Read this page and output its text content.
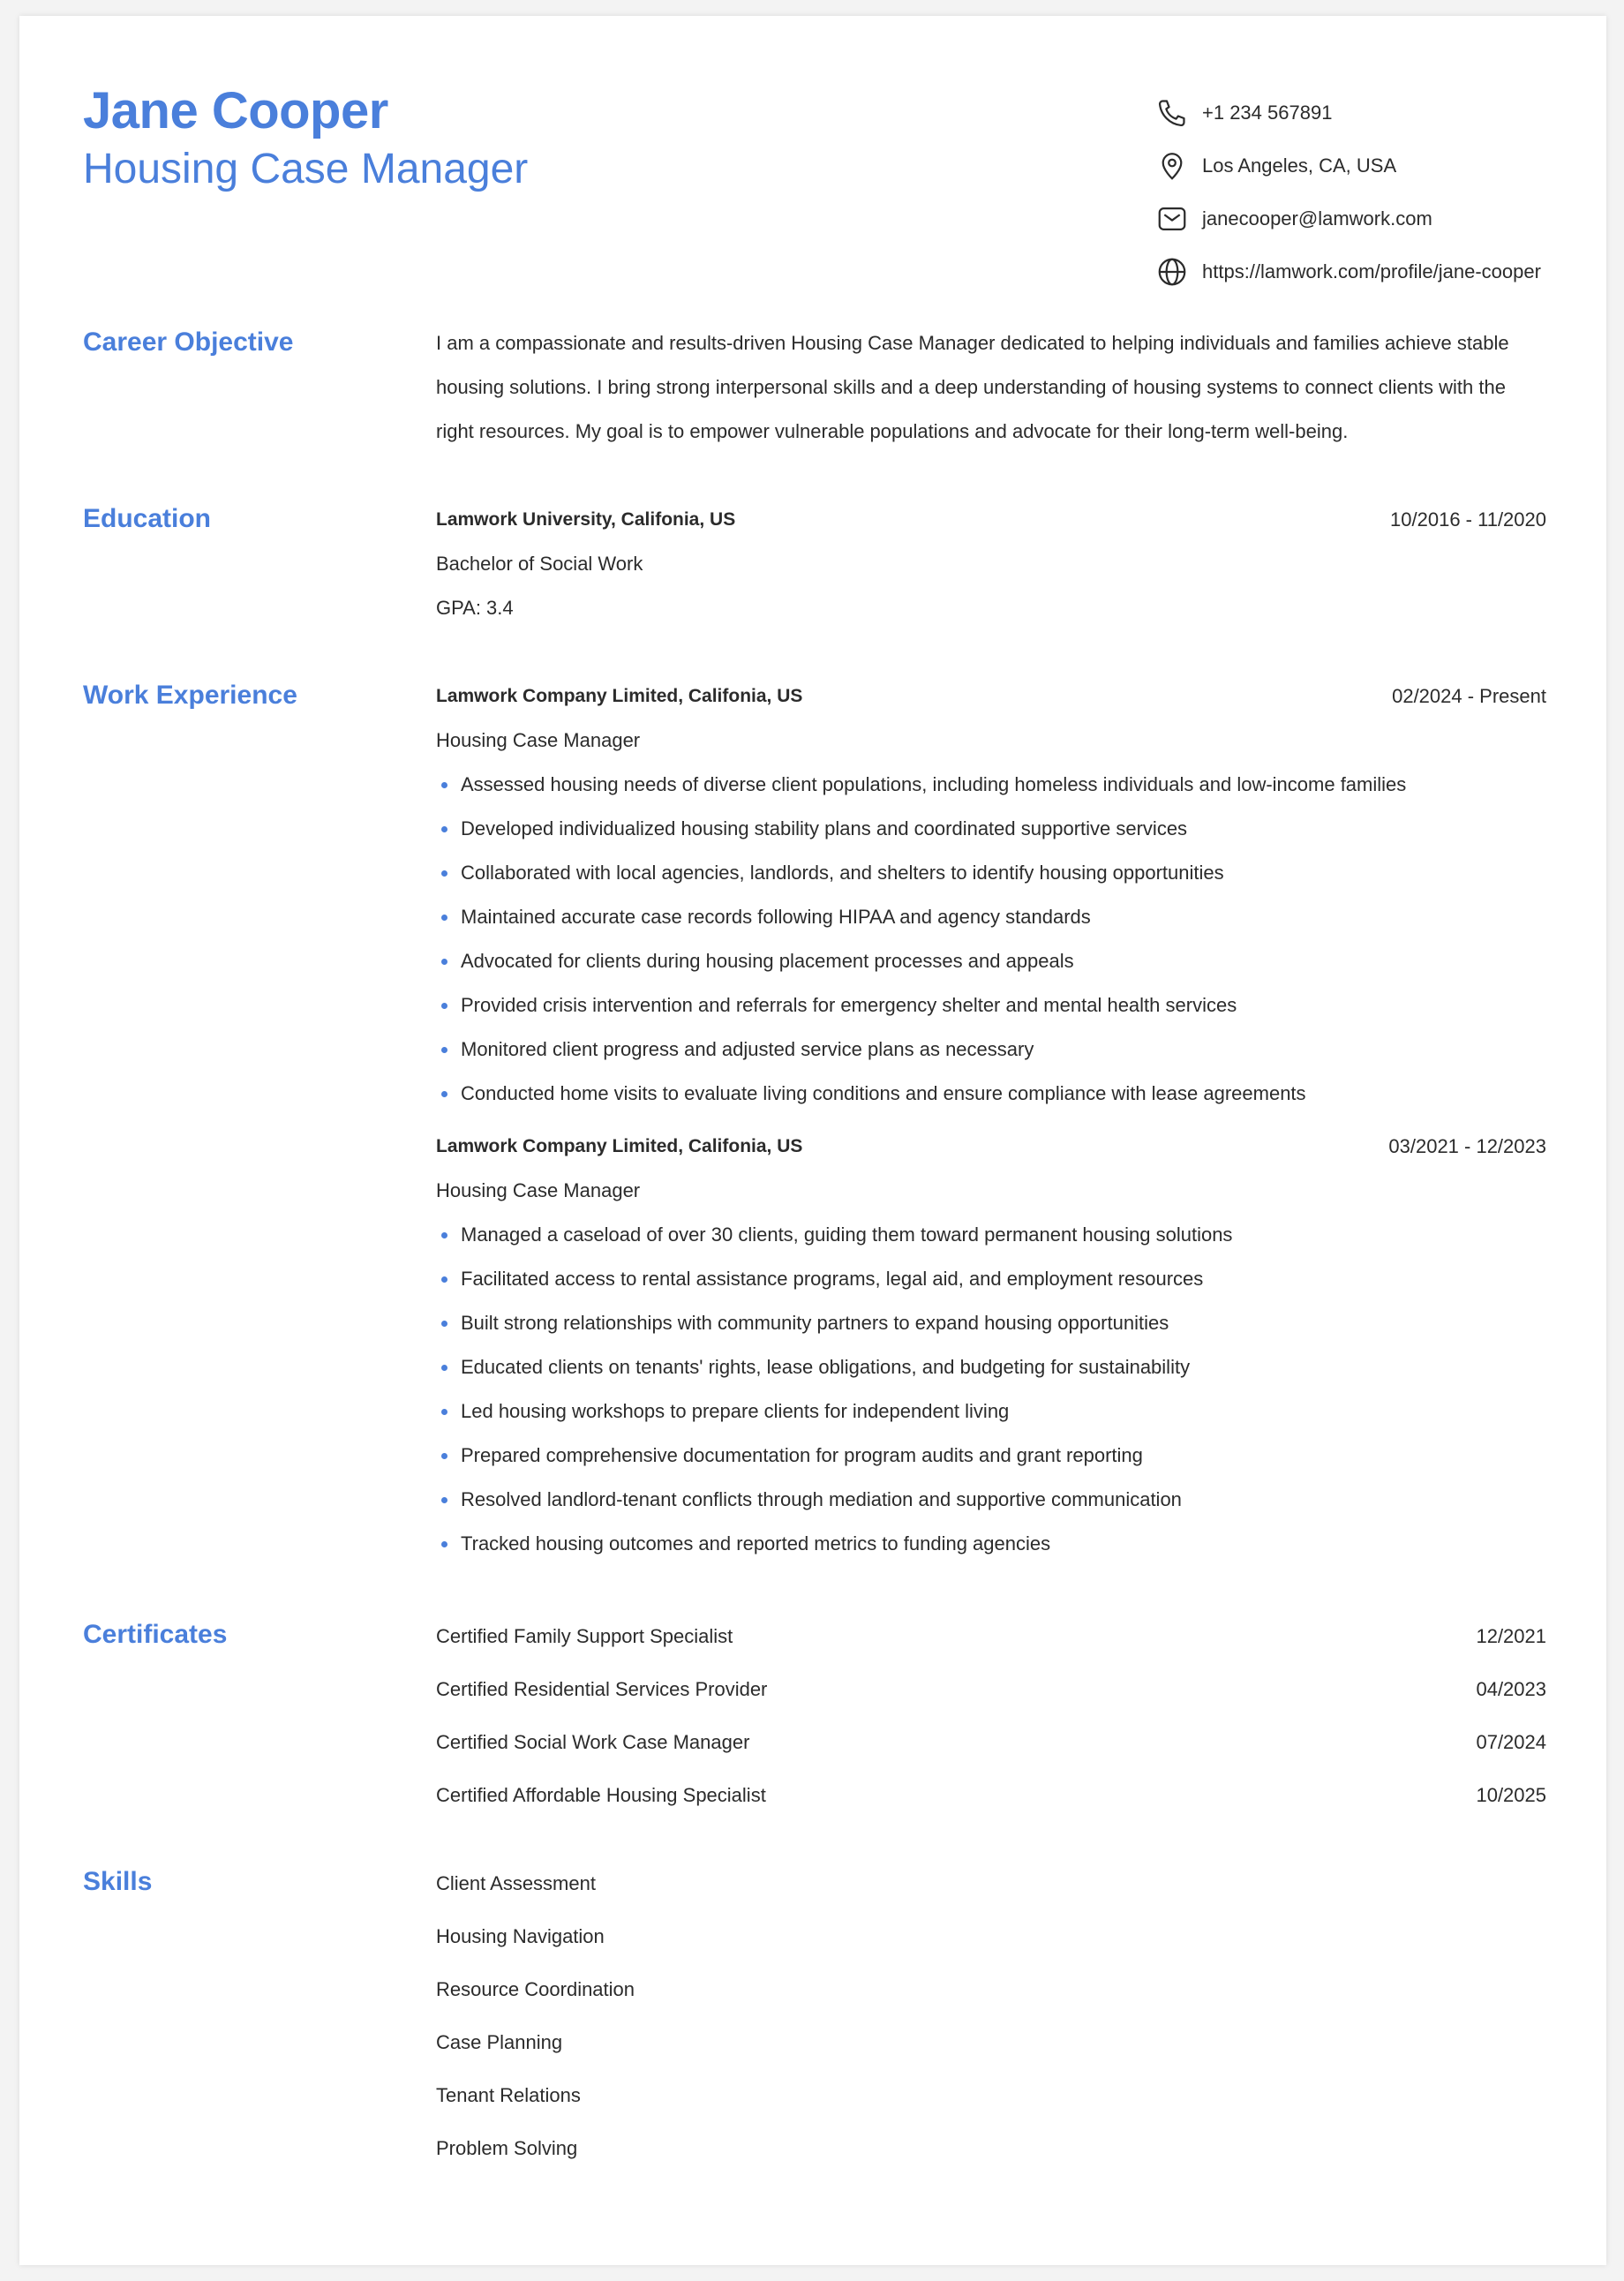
Jane Cooper
Housing Case Manager
+1 234 567891
Los Angeles, CA, USA
janecooper@lamwork.com
https://lamwork.com/profile/jane-cooper
Career Objective	I am a compassionate and results-driven Housing Case Manager dedicated to helping individuals and families achieve stable housing solutions. I bring strong interpersonal skills and a deep understanding of housing systems to connect clients with the right resources. My goal is to empower vulnerable populations and advocate for their long-term well-being.
Education	Lamwork University, Califonia, US	10/2016 - 11/2020
Bachelor of Social Work
GPA: 3.4
Work Experience	Lamwork Company Limited, Califonia, US	02/2024 - Present
Housing Case Manager
Assessed housing needs of diverse client populations, including homeless individuals and low-income families
Developed individualized housing stability plans and coordinated supportive services
Collaborated with local agencies, landlords, and shelters to identify housing opportunities
Maintained accurate case records following HIPAA and agency standards
Advocated for clients during housing placement processes and appeals
Provided crisis intervention and referrals for emergency shelter and mental health services
Monitored client progress and adjusted service plans as necessary
Conducted home visits to evaluate living conditions and ensure compliance with lease agreements
Lamwork Company Limited, Califonia, US	03/2021 - 12/2023
Housing Case Manager
Managed a caseload of over 30 clients, guiding them toward permanent housing solutions
Facilitated access to rental assistance programs, legal aid, and employment resources
Built strong relationships with community partners to expand housing opportunities
Educated clients on tenants' rights, lease obligations, and budgeting for sustainability
Led housing workshops to prepare clients for independent living
Prepared comprehensive documentation for program audits and grant reporting
Resolved landlord-tenant conflicts through mediation and supportive communication
Tracked housing outcomes and reported metrics to funding agencies
Certificates	Certified Family Support Specialist	12/2021
Certified Residential Services Provider	04/2023
Certified Social Work Case Manager	07/2024
Certified Affordable Housing Specialist	10/2025
Skills	Client Assessment
Housing Navigation
Resource Coordination
Case Planning
Tenant Relations
Problem Solving
